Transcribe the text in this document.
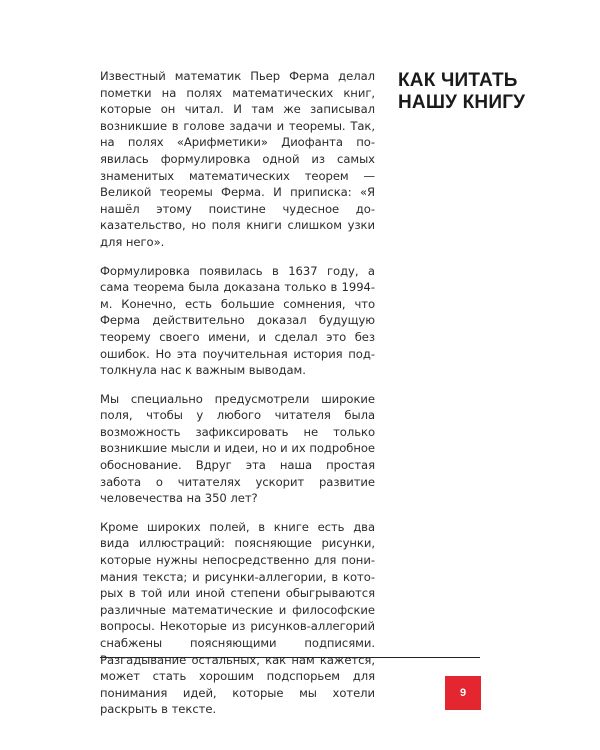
Известный математик Пьер Ферма делал пометки на полях математических книг, которые он читал. И там же записывал возникшие в голове задачи и теоремы. Так, на полях «Арифметики» Диофанта появилась формулировка одной из самых знаменитых математических теорем — Великой теоремы Ферма. И приписка: «Я нашёл этому поистине чудесное доказательство, но поля книги слишком узки для него».

Формулировка появилась в 1637 году, а сама теорема была доказана только в 1994-м. Конечно, есть большие сомнения, что Ферма действительно доказал будущую теорему своего имени, и сделал это без ошибок. Но эта поучительная история подтолкнула нас к важным выводам.

Мы специально предусмотрели широкие поля, чтобы у любого читателя была возможность зафиксировать не только возникшие мысли и идеи, но и их подробное обоснование. Вдруг эта наша простая забота о читателях ускорит развитие человечества на 350 лет?

Кроме широких полей, в книге есть два вида иллюстраций: поясняющие рисунки, которые нужны непосредственно для понимания текста; и рисунки-аллегории, в которых в той или иной степени обыгрываются различные математические и философские вопросы. Некоторые из рисунков-аллегорий снабжены поясняющими подписями. Разгадывание остальных, как нам кажется, может стать хорошим подспорьем для понимания идей, которые мы хотели раскрыть в тексте.

КАК ЧИТАТЬ
НАШУ КНИГУ
9
